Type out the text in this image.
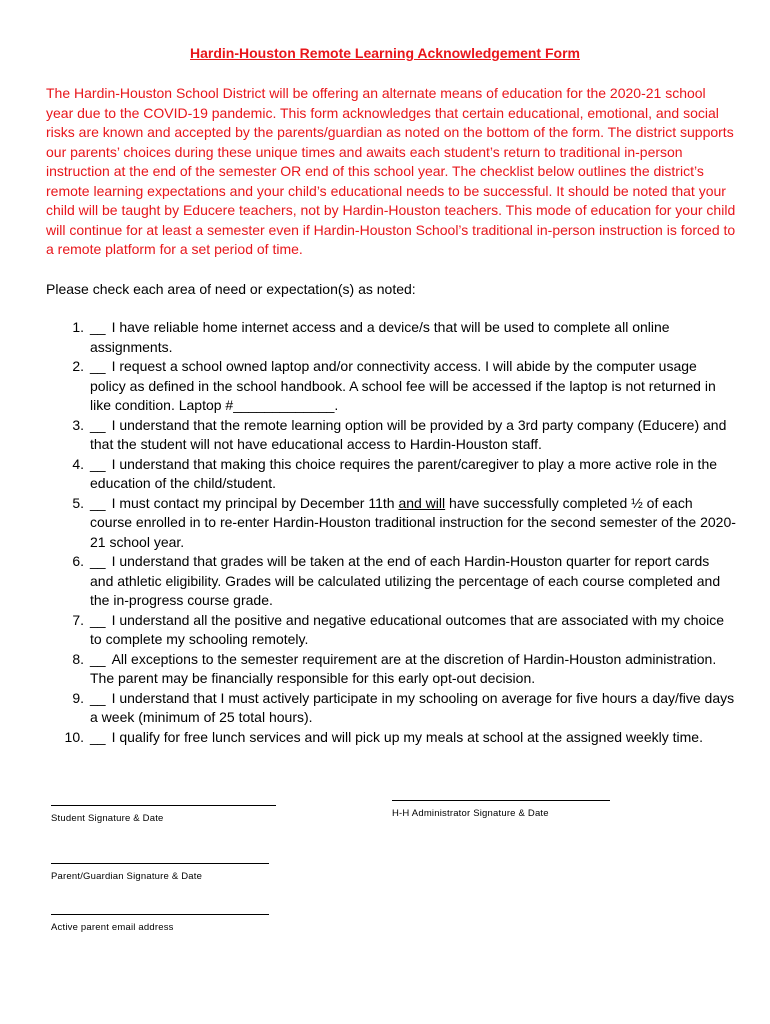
Hardin-Houston Remote Learning Acknowledgement Form

The Hardin-Houston School District will be offering an alternate means of education for the 2020-21 school year due to the COVID-19 pandemic. This form acknowledges that certain educational, emotional, and social risks are known and accepted by the parents/guardian as noted on the bottom of the form. The district supports our parents’ choices during these unique times and awaits each student’s return to traditional in-person instruction at the end of the semester OR end of this school year. The checklist below outlines the district’s remote learning expectations and your child’s educational needs to be successful. It should be noted that your child will be taught by Educere teachers, not by Hardin-Houston teachers. This mode of education for your child will continue for at least a semester even if Hardin-Houston School’s traditional in-person instruction is forced to a remote platform for a set period of time.

Please check each area of need or expectation(s) as noted:

1. __ I have reliable home internet access and a device/s that will be used to complete all online assignments.
2. __ I request a school owned laptop and/or connectivity access. I will abide by the computer usage policy as defined in the school handbook. A school fee will be accessed if the laptop is not returned in like condition. Laptop #_____________.
3. __ I understand that the remote learning option will be provided by a 3rd party company (Educere) and that the student will not have educational access to Hardin-Houston staff.
4. __ I understand that making this choice requires the parent/caregiver to play a more active role in the education of the child/student.
5. __ I must contact my principal by December 11th and will have successfully completed ½ of each course enrolled in to re-enter Hardin-Houston traditional instruction for the second semester of the 2020-21 school year.
6. __ I understand that grades will be taken at the end of each Hardin-Houston quarter for report cards and athletic eligibility. Grades will be calculated utilizing the percentage of each course completed and the in-progress course grade.
7. __ I understand all the positive and negative educational outcomes that are associated with my choice to complete my schooling remotely.
8. __ All exceptions to the semester requirement are at the discretion of Hardin-Houston administration. The parent may be financially responsible for this early opt-out decision.
9. __ I understand that I must actively participate in my schooling on average for five hours a day/five days a week (minimum of 25 total hours).
10. __ I qualify for free lunch services and will pick up my meals at school at the assigned weekly time.
Student Signature & Date	H-H Administrator Signature & Date
Parent/Guardian Signature & Date
Active parent email address
